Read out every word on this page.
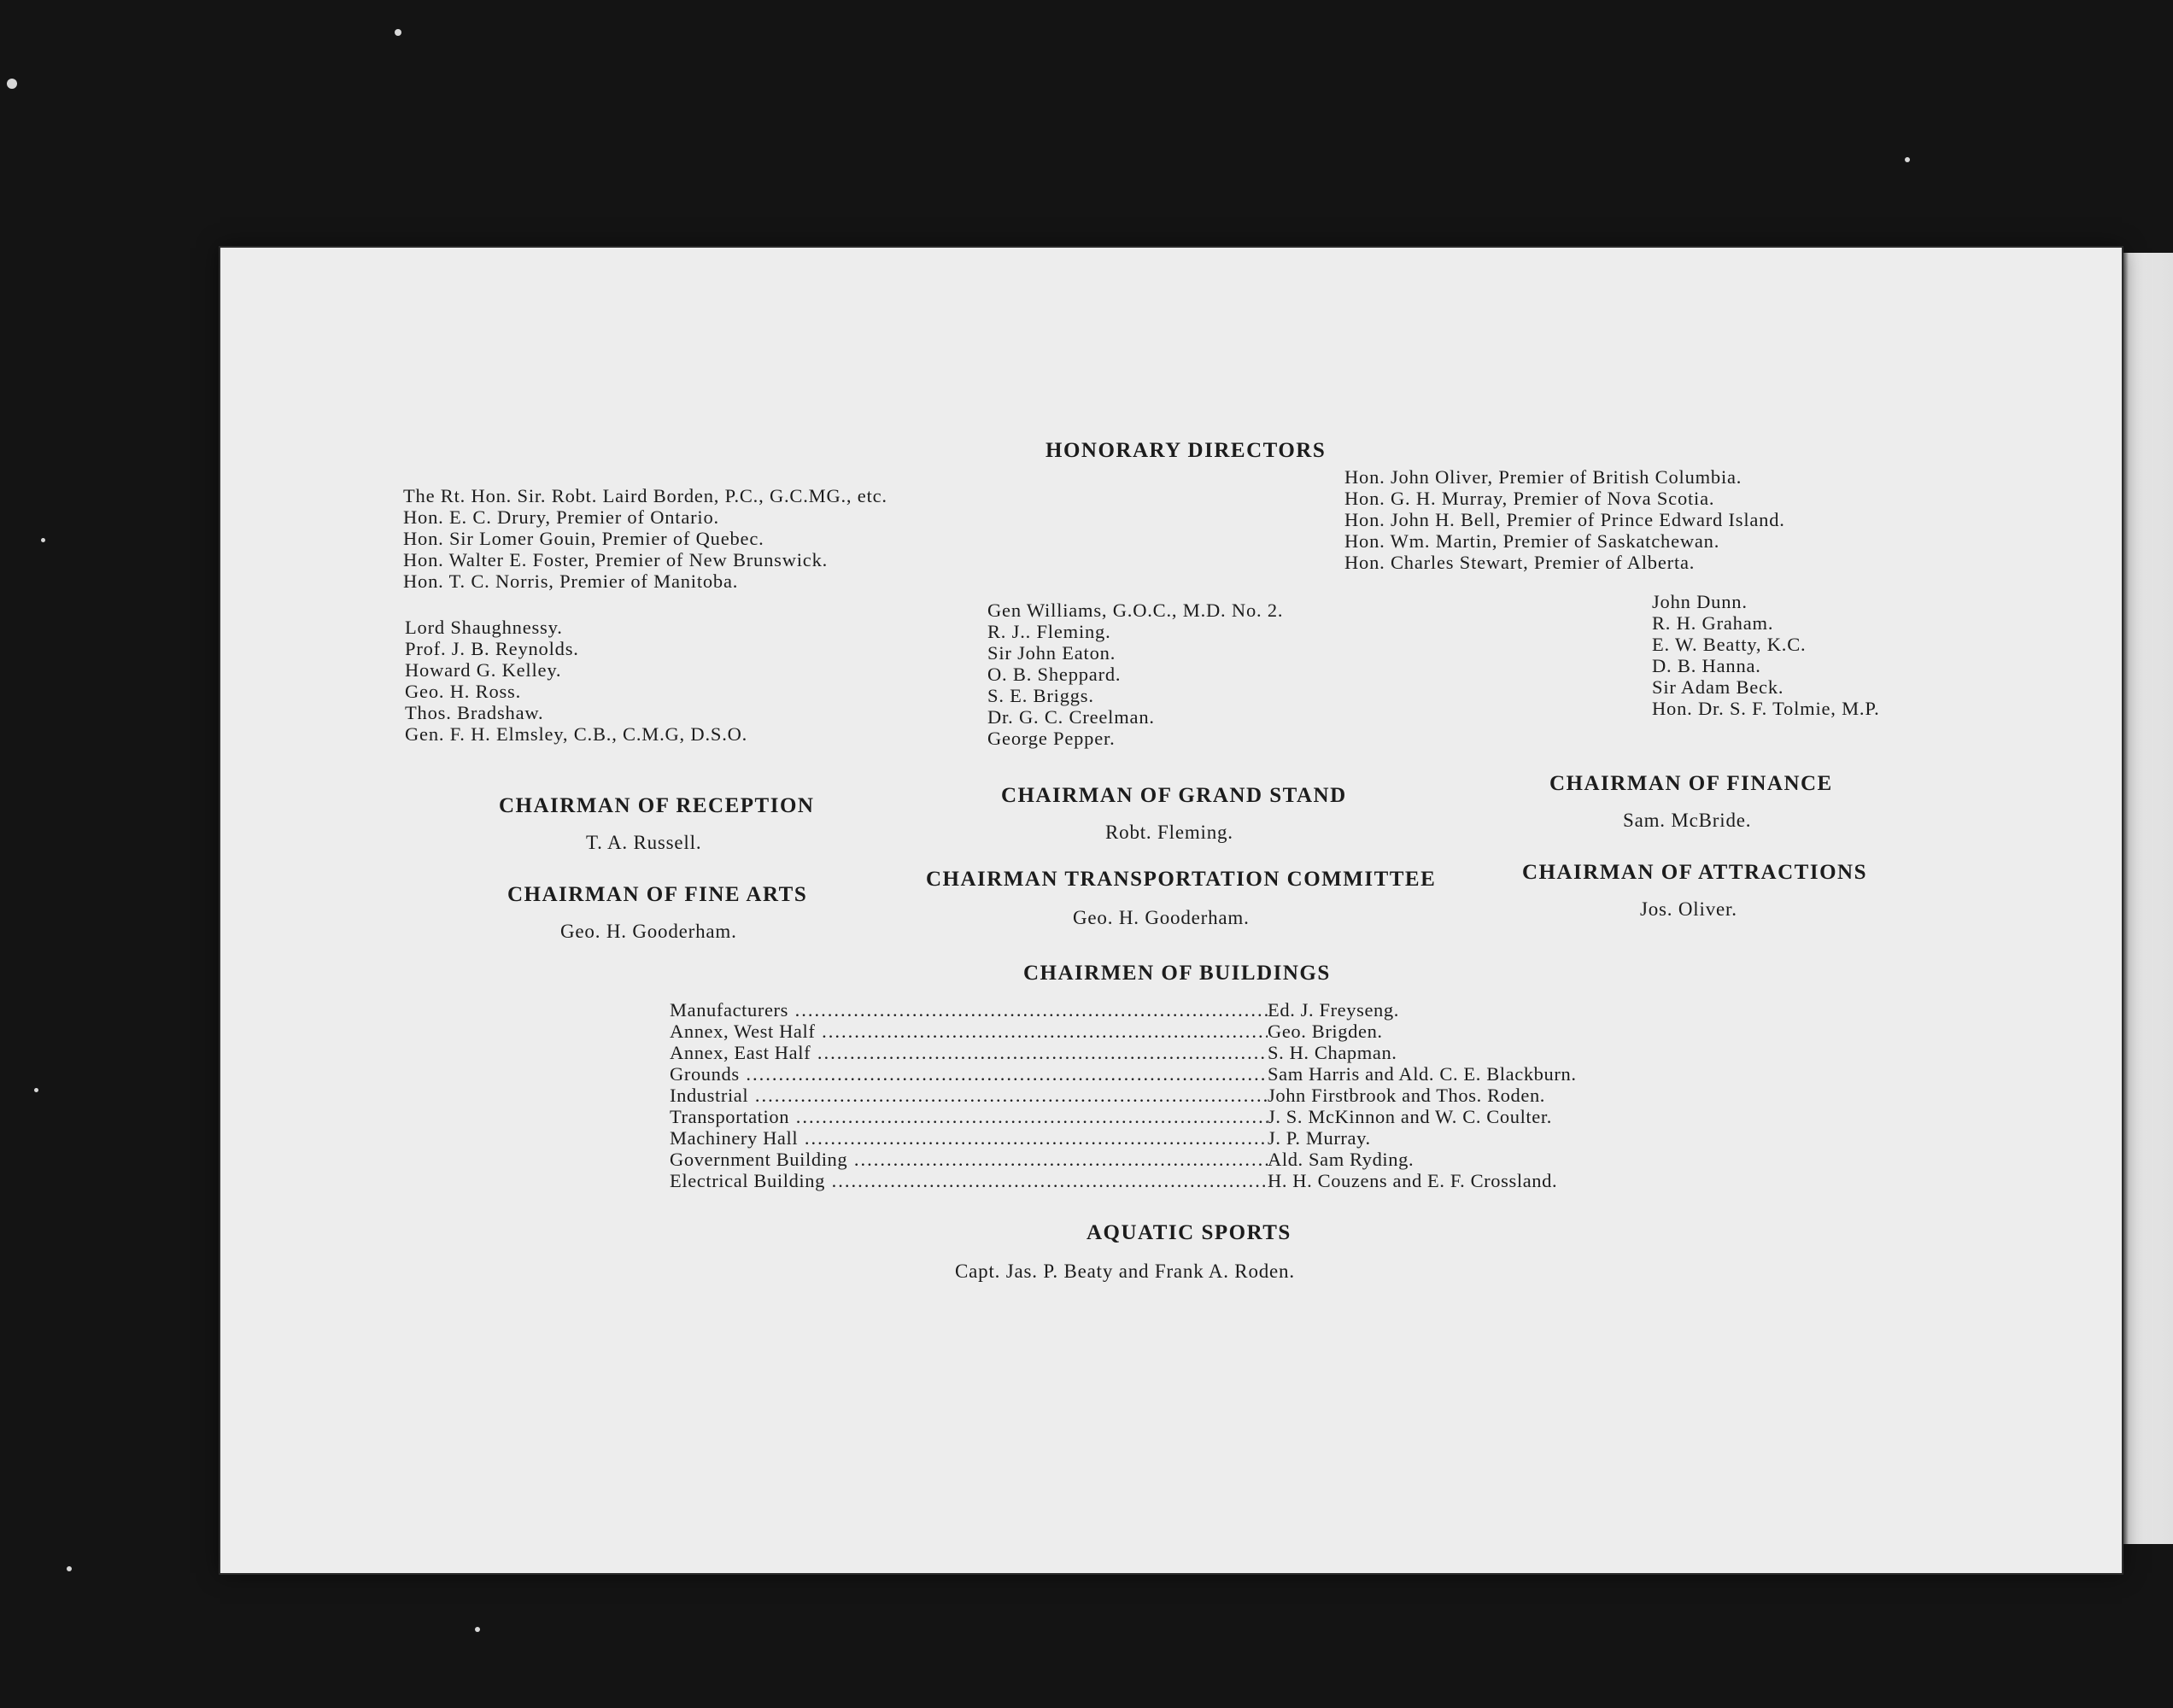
HONORARY DIRECTORS
The Rt. Hon. Sir. Robt. Laird Borden, P.C., G.C.MG., etc.
Hon. E. C. Drury, Premier of Ontario.
Hon. Sir Lomer Gouin, Premier of Quebec.
Hon. Walter E. Foster, Premier of New Brunswick.
Hon. T. C. Norris, Premier of Manitoba.
Hon. John Oliver, Premier of British Columbia.
Hon. G. H. Murray, Premier of Nova Scotia.
Hon. John H. Bell, Premier of Prince Edward Island.
Hon. Wm. Martin, Premier of Saskatchewan.
Hon. Charles Stewart, Premier of Alberta.
Lord Shaughnessy.
Prof. J. B. Reynolds.
Howard G. Kelley.
Geo. H. Ross.
Thos. Bradshaw.
Gen. F. H. Elmsley, C.B., C.M.G, D.S.O.
Gen Williams, G.O.C., M.D. No. 2.
R. J.. Fleming.
Sir John Eaton.
O. B. Sheppard.
S. E. Briggs.
Dr. G. C. Creelman.
George Pepper.
John Dunn.
R. H. Graham.
E. W. Beatty, K.C.
D. B. Hanna.
Sir Adam Beck.
Hon. Dr. S. F. Tolmie, M.P.
CHAIRMAN OF RECEPTION
T. A. Russell.
CHAIRMAN OF GRAND STAND
Robt. Fleming.
CHAIRMAN OF FINANCE
Sam. McBride.
CHAIRMAN OF FINE ARTS
Geo. H. Gooderham.
CHAIRMAN TRANSPORTATION COMMITTEE
Geo. H. Gooderham.
CHAIRMAN OF ATTRACTIONS
Jos. Oliver.
CHAIRMEN OF BUILDINGS
Manufacturers .....	Ed. J. Freyseng.
Annex, West Half .....	Geo. Brigden.
Annex, East Half .....	S. H. Chapman.
Grounds .....	Sam Harris and Ald. C. E. Blackburn.
Industrial .....	John Firstbrook and Thos. Roden.
Transportation .....	J. S. McKinnon and W. C. Coulter.
Machinery Hall .....	J. P. Murray.
Government Building .....	Ald. Sam Ryding.
Electrical Building .....	H. H. Couzens and E. F. Crossland.
AQUATIC SPORTS
Capt. Jas. P. Beaty and Frank A. Roden.
